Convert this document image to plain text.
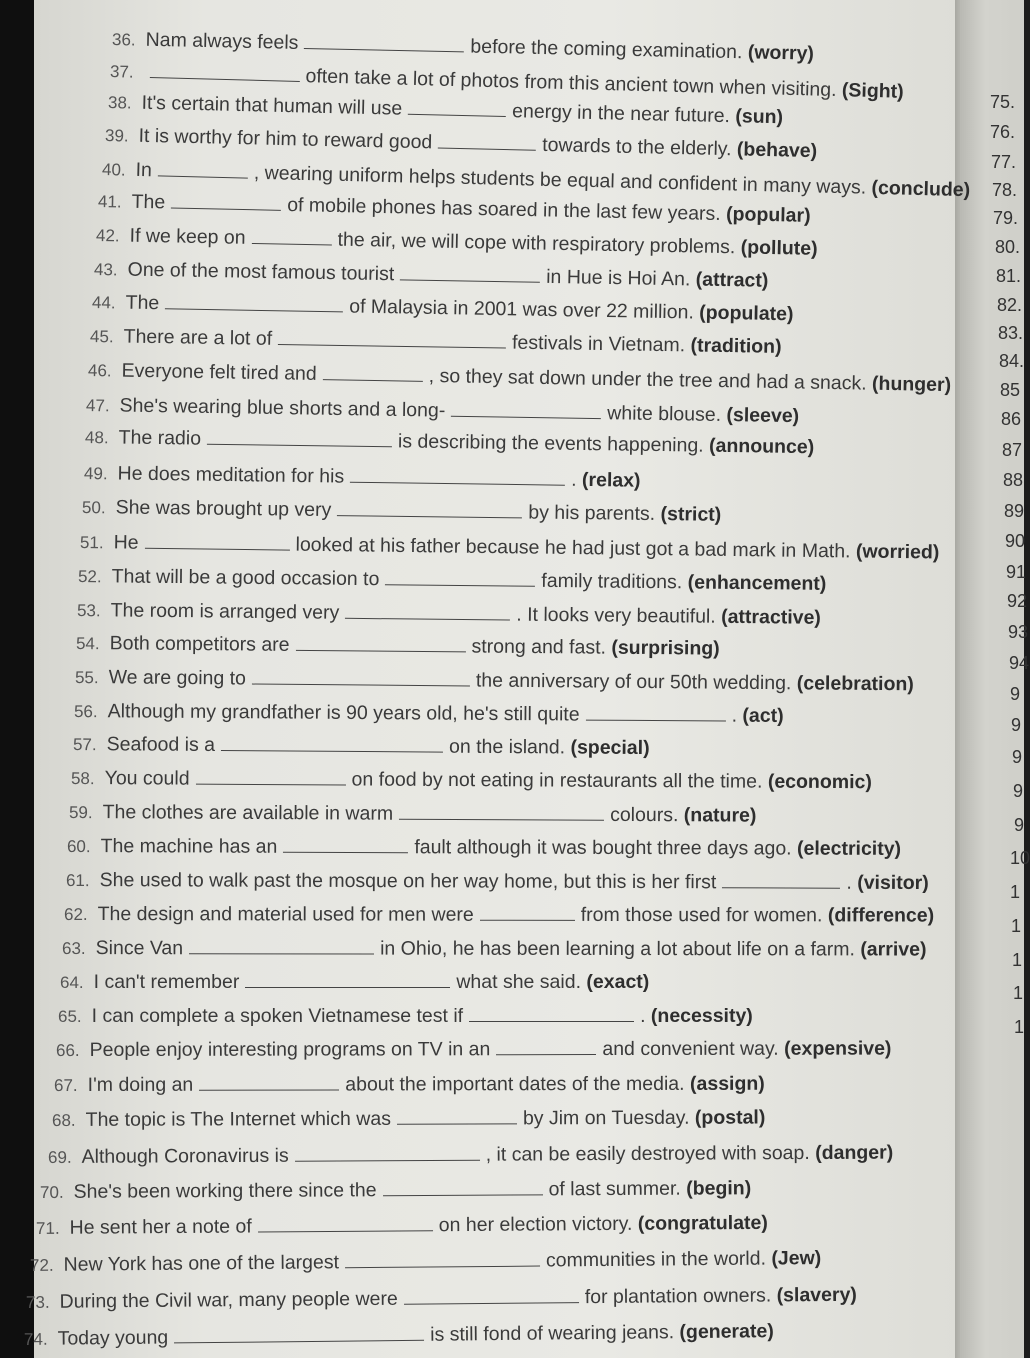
36. Nam always feels	before the coming examination. (worry)
37.	often take a lot of photos from this ancient town when visiting. (Sight)
38. It's certain that human will use	energy in the near future. (sun)
39. It is worthy for him to reward good	towards to the elderly. (behave)
40. In	, wearing uniform helps students be equal and confident in many ways. (conclude)
41. The	of mobile phones has soared in the last few years. (popular)
42. If we keep on	the air, we will cope with respiratory problems. (pollute)
43. One of the most famous tourist	in Hue is Hoi An. (attract)
44. The	of Malaysia in 2001 was over 22 million. (populate)
45. There are a lot of	festivals in Vietnam. (tradition)
46. Everyone felt tired and	, so they sat down under the tree and had a snack. (hunger)
47. She's wearing blue shorts and a long-	white blouse. (sleeve)
48. The radio	is describing the events happening. (announce)
49. He does meditation for his	. (relax)
50. She was brought up very	by his parents. (strict)
51. He	looked at his father because he had just got a bad mark in Math. (worried)
52. That will be a good occasion to	family traditions. (enhancement)
53. The room is arranged very	. It looks very beautiful. (attractive)
54. Both competitors are	strong and fast. (surprising)
55. We are going to	the anniversary of our 50th wedding. (celebration)
56. Although my grandfather is 90 years old, he's still quite	. (act)
57. Seafood is a	on the island. (special)
58. You could	on food by not eating in restaurants all the time. (economic)
59. The clothes are available in warm	colours. (nature)
60. The machine has an	fault although it was bought three days ago. (electricity)
61. She used to walk past the mosque on her way home, but this is her first	. (visitor)
62. The design and material used for men were	from those used for women. (difference)
63. Since Van	in Ohio, he has been learning a lot about life on a farm. (arrive)
64. I can't remember	what she said. (exact)
65. I can complete a spoken Vietnamese test if	. (necessity)
66. People enjoy interesting programs on TV in an	and convenient way. (expensive)
67. I'm doing an	about the important dates of the media. (assign)
68. The topic is The Internet which was	by Jim on Tuesday. (postal)
69. Although Coronavirus is	, it can be easily destroyed with soap. (danger)
70. She's been working there since the	of last summer. (begin)
71. He sent her a note of	on her election victory. (congratulate)
72. New York has one of the largest	communities in the world. (Jew)
73. During the Civil war, many people were	for plantation owners. (slavery)
74. Today young	is still fond of wearing jeans. (generate)
75.
76.
77.
78.
79.
80.
81.
82.
83.
84.
85
86
87
88
89
90
91
92
93
94
9
9
9
9
9
10
1
1
1
1
1
